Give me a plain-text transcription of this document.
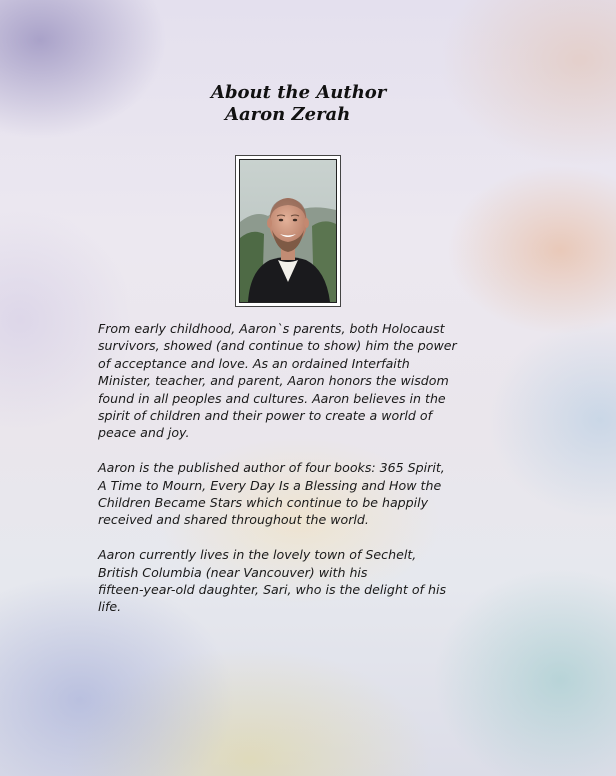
About the Author
Aaron Zerah

From early childhood, Aaron`s parents, both Holocaust

survivors, showed (and continue to show) him the power

of acceptance and love. As an ordained Interfaith

Minister, teacher, and parent, Aaron honors the wisdom

found in all peoples and cultures. Aaron believes in the

spirit of children and their power to create a world of

peace and joy.

Aaron is the published author of four books: 365 Spirit,

A Time to Mourn, Every Day Is a Blessing and How the

Children Became Stars which continue to be happily

received and shared throughout the world.

Aaron currently lives in the lovely town of Sechelt,

British Columbia (near Vancouver) with his

fifteen-year-old daughter, Sari, who is the delight of his

life.
